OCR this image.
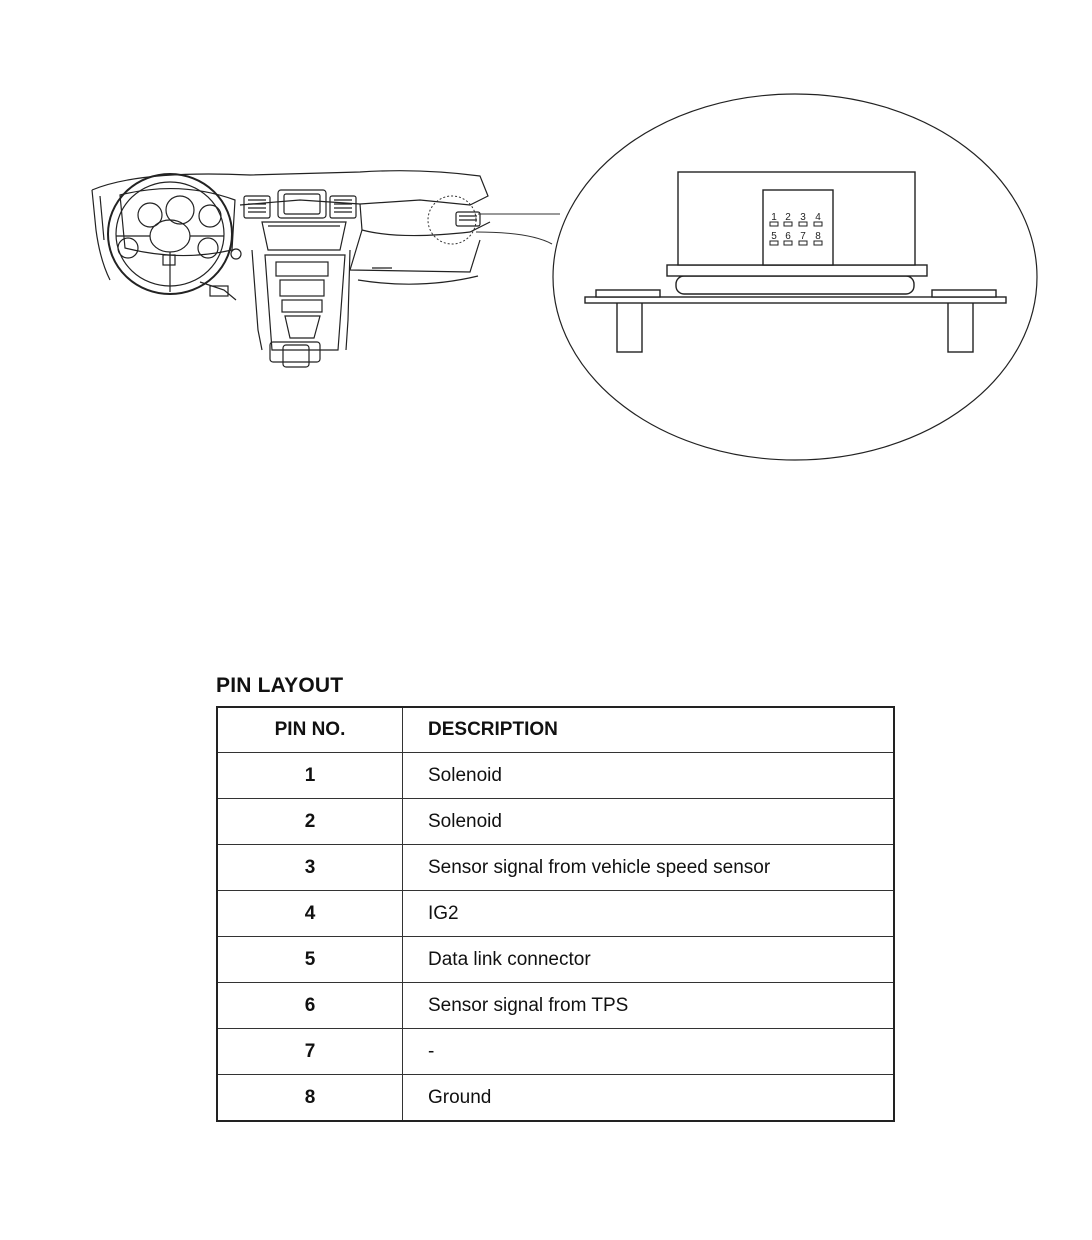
1 2 3 4
5 6 7 8
PIN LAYOUT
PIN NO.	DESCRIPTION
1	Solenoid
2	Solenoid
3	Sensor signal from vehicle speed sensor
4	IG2
5	Data link connector
6	Sensor signal from TPS
7	-
8	Ground
